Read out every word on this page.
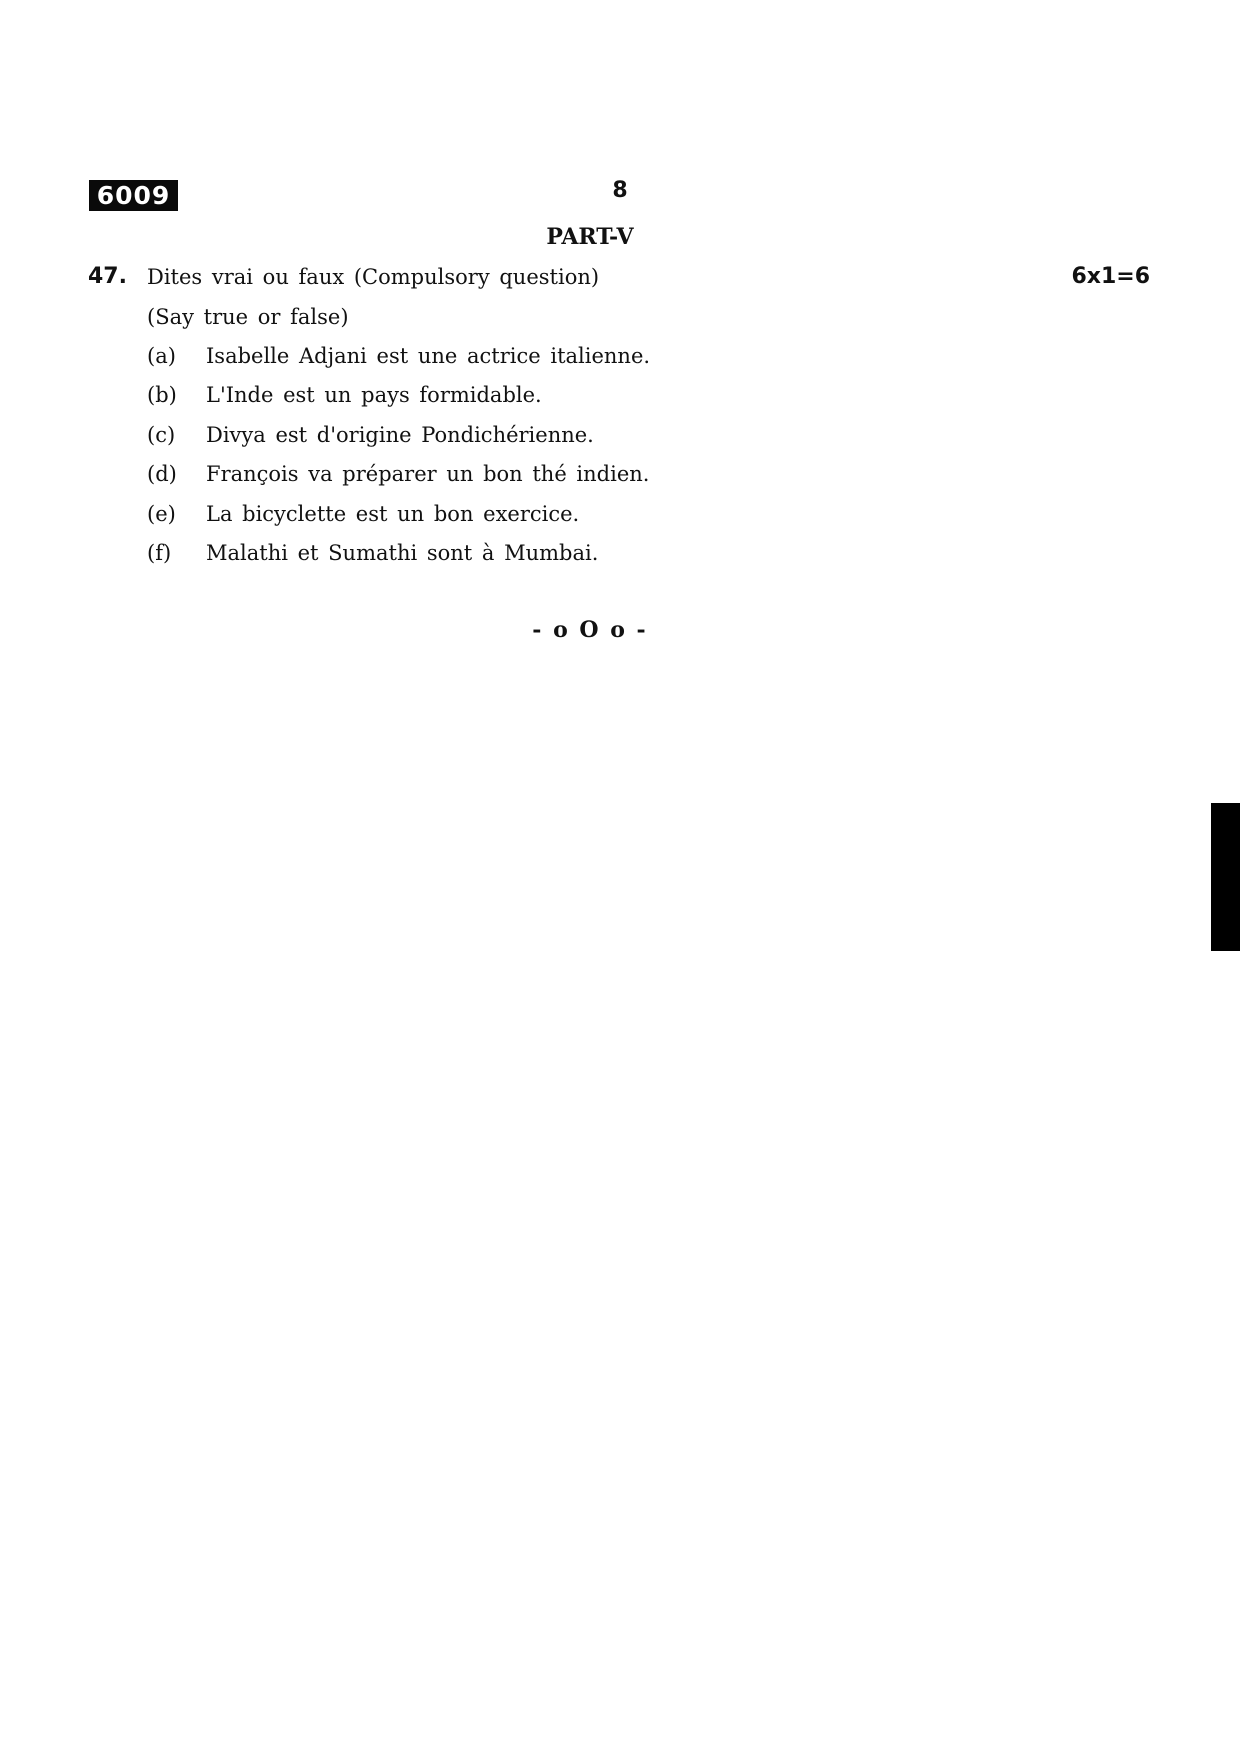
6009	8
PART-V
47. Dites vrai ou faux (Compulsory question)	6x1=6
(Say true or false)
(a)	Isabelle Adjani est une actrice italienne.
(b)	L'Inde est un pays formidable.
(c)	Divya est d'origine Pondichérienne.
(d)	François va préparer un bon thé indien.
(e)	La bicyclette est un bon exercice.
(f)	Malathi et Sumathi sont à Mumbai.
- o O o -
